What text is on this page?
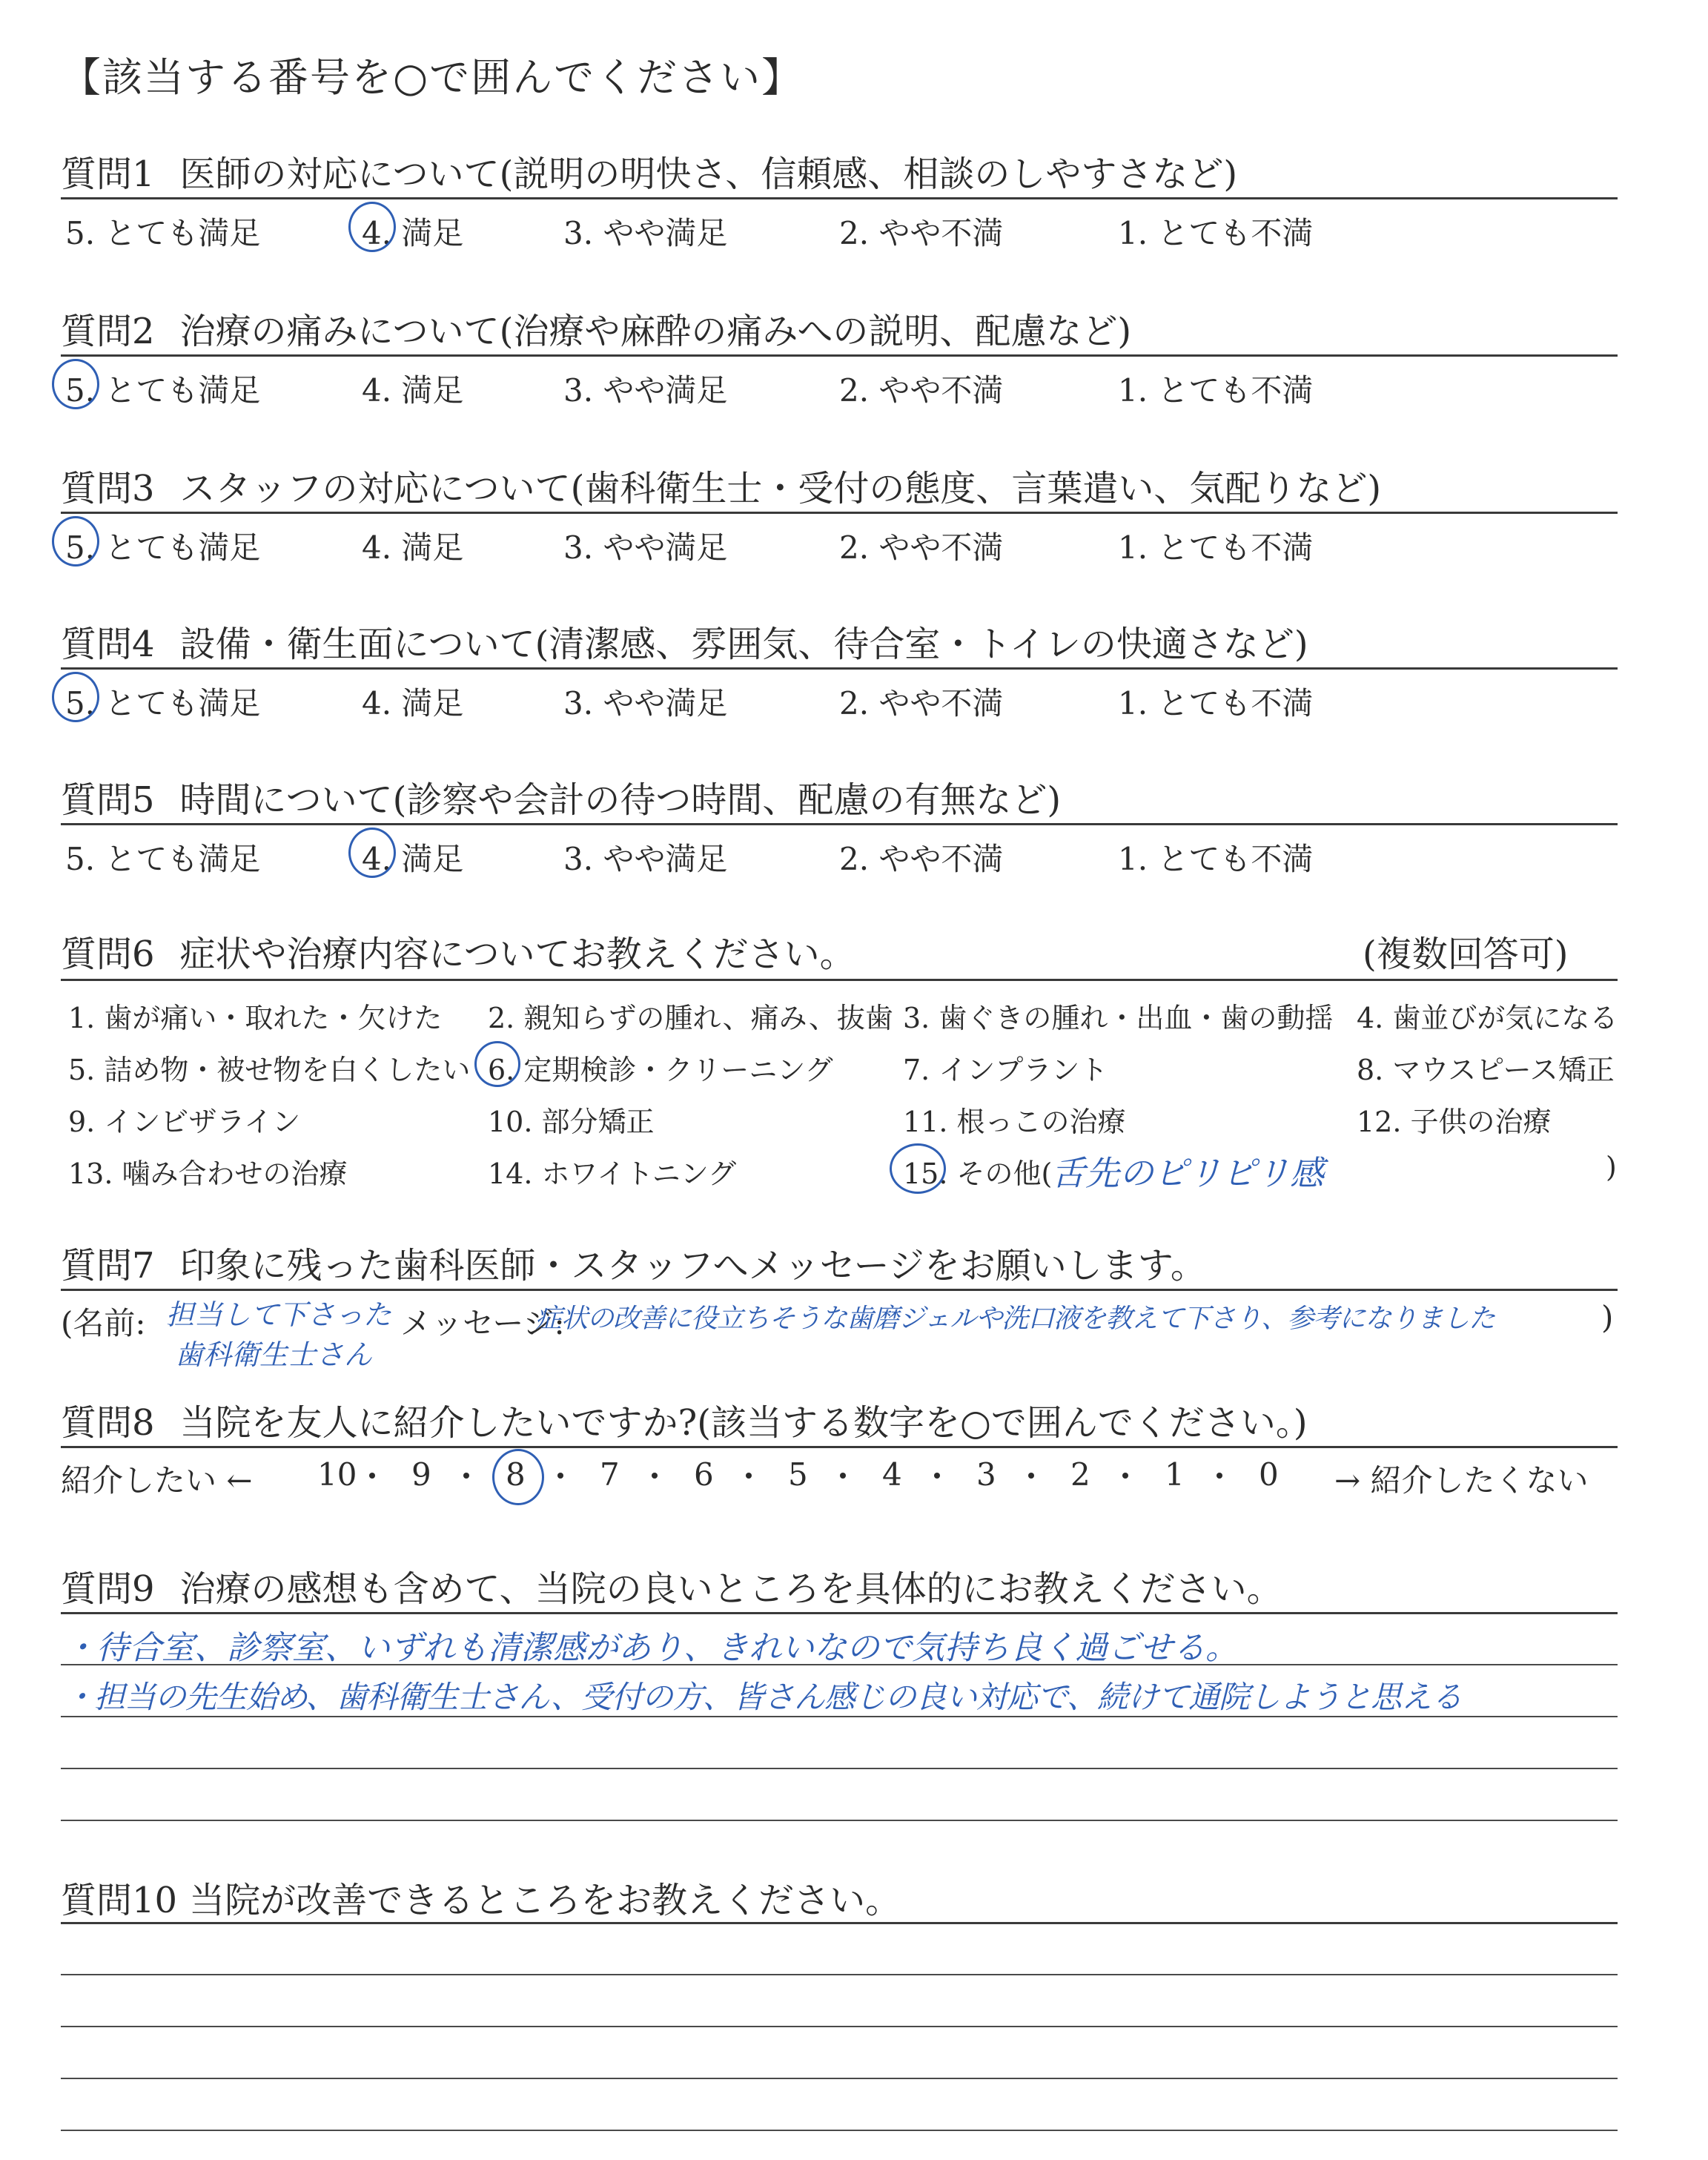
【該当する番号を○で囲んでください】
質問1 医師の対応について(説明の明快さ、信頼感、相談のしやすさなど)
5. とても満足	4. 満足	3. やや満足	2. やや不満	1. とても不満
質問2 治療の痛みについて(治療や麻酔の痛みへの説明、配慮など)
5. とても満足	4. 満足	3. やや満足	2. やや不満	1. とても不満
質問3 スタッフの対応について(歯科衛生士・受付の態度、言葉遣い、気配りなど)
5. とても満足	4. 満足	3. やや満足	2. やや不満	1. とても不満
質問4 設備・衛生面について(清潔感、雰囲気、待合室・トイレの快適さなど)
5. とても満足	4. 満足	3. やや満足	2. やや不満	1. とても不満
質問5 時間について(診察や会計の待つ時間、配慮の有無など)
5. とても満足	4. 満足	3. やや満足	2. やや不満	1. とても不満
質問6 症状や治療内容についてお教えください。	(複数回答可)
1. 歯が痛い・取れた・欠けた 2. 親知らずの腫れ、痛み、抜歯 3. 歯ぐきの腫れ・出血・歯の動揺 4. 歯並びが気になる
5. 詰め物・被せ物を白くしたい 6. 定期検診・クリーニング 7. インプラント	8. マウスピース矯正
9. インビザライン	10. 部分矯正	11. 根っこの治療	12. 子供の治療
13. 噛み合わせの治療	14. ホワイトニング	15. その他(
舌先のピリピリ感	)
質問7 印象に残った歯科医師・スタッフへメッセージをお願いします。
(名前: 担当して下さった
歯科衛生士さん
メッセージ:
症状の改善に役立ちそうな歯磨ジェルや洗口液を教えて下さり、参考になりました	)
質問8 当院を友人に紹介したいですか?(該当する数字を○で囲んでください。)
紹介したい ← 10 9 8 7 6 5 4 3 2 1 0 → 紹介したくない
質問9 治療の感想も含めて、当院の良いところを具体的にお教えください。
・待合室、診察室、いずれも清潔感があり、きれいなので気持ち良く過ごせる。
・担当の先生始め、歯科衛生士さん、受付の方、皆さん感じの良い対応で、続けて通院しようと思える
質問10 当院が改善できるところをお教えください。
